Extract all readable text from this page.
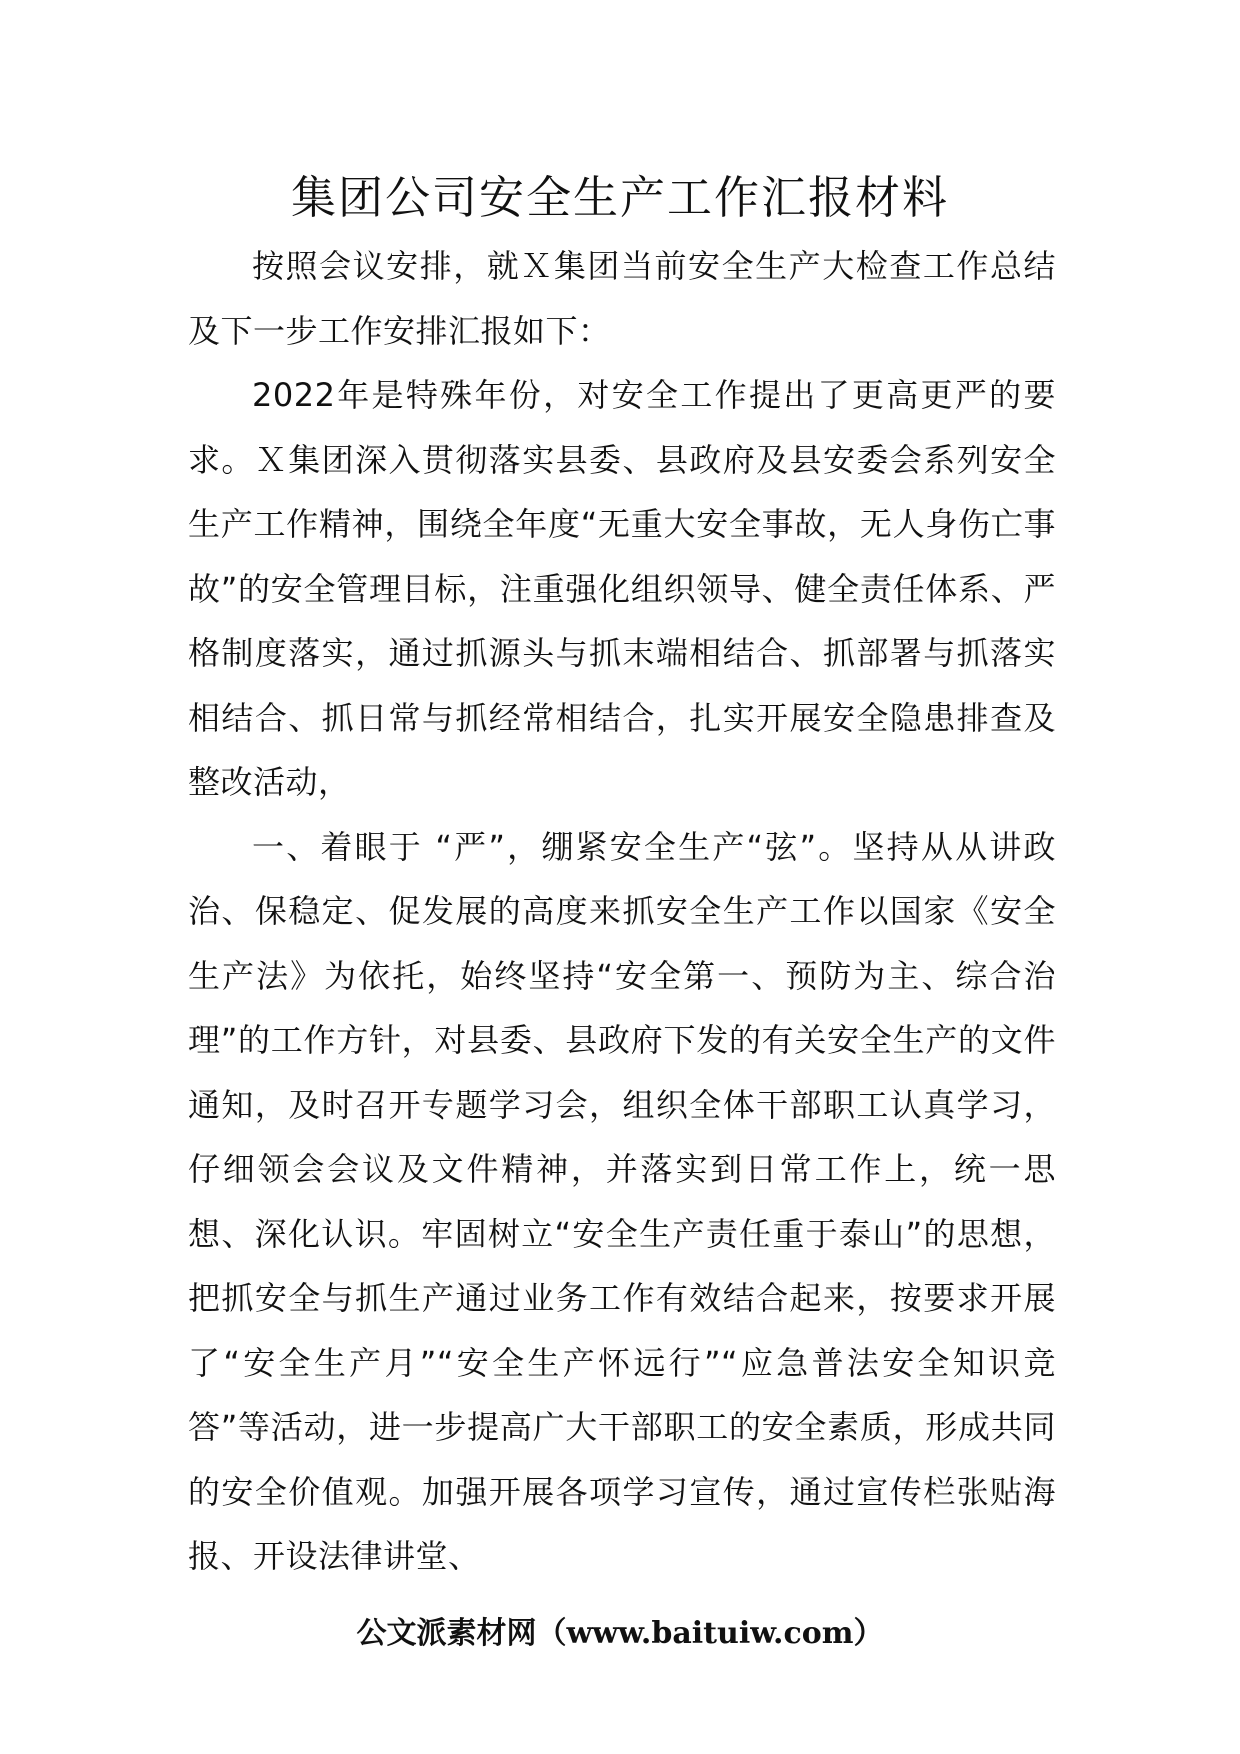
集团公司安全生产工作汇报材料

按照会议安排，就Ｘ集团当前安全生产大检查工作总结及下一步工作安排汇报如下：

2022年是特殊年份，对安全工作提出了更高更严的要求。Ｘ集团深入贯彻落实县委、县政府及县安委会系列安全生产工作精神，围绕全年度“无重大安全事故，无人身伤亡事故”的安全管理目标，注重强化组织领导、健全责任体系、严格制度落实，通过抓源头与抓末端相结合、抓部署与抓落实相结合、抓日常与抓经常相结合，扎实开展安全隐患排查及整改活动，

一、着眼于 “严”，绷紧安全生产“弦”。坚持从从讲政治、保稳定、促发展的高度来抓安全生产工作以国家《安全生产法》为依托，始终坚持“安全第一、预防为主、综合治理”的工作方针，对县委、县政府下发的有关安全生产的文件通知，及时召开专题学习会，组织全体干部职工认真学习，仔细领会会议及文件精神，并落实到日常工作上，统一思想、深化认识。牢固树立“安全生产责任重于泰山”的思想，把抓安全与抓生产通过业务工作有效结合起来，按要求开展了“安全生产月”“安全生产怀远行”“应急普法安全知识竞答”等活动，进一步提高广大干部职工的安全素质，形成共同的安全价值观。加强开展各项学习宣传，通过宣传栏张贴海报、开设法律讲堂、

公文派素材网（www.baituiw.com）
